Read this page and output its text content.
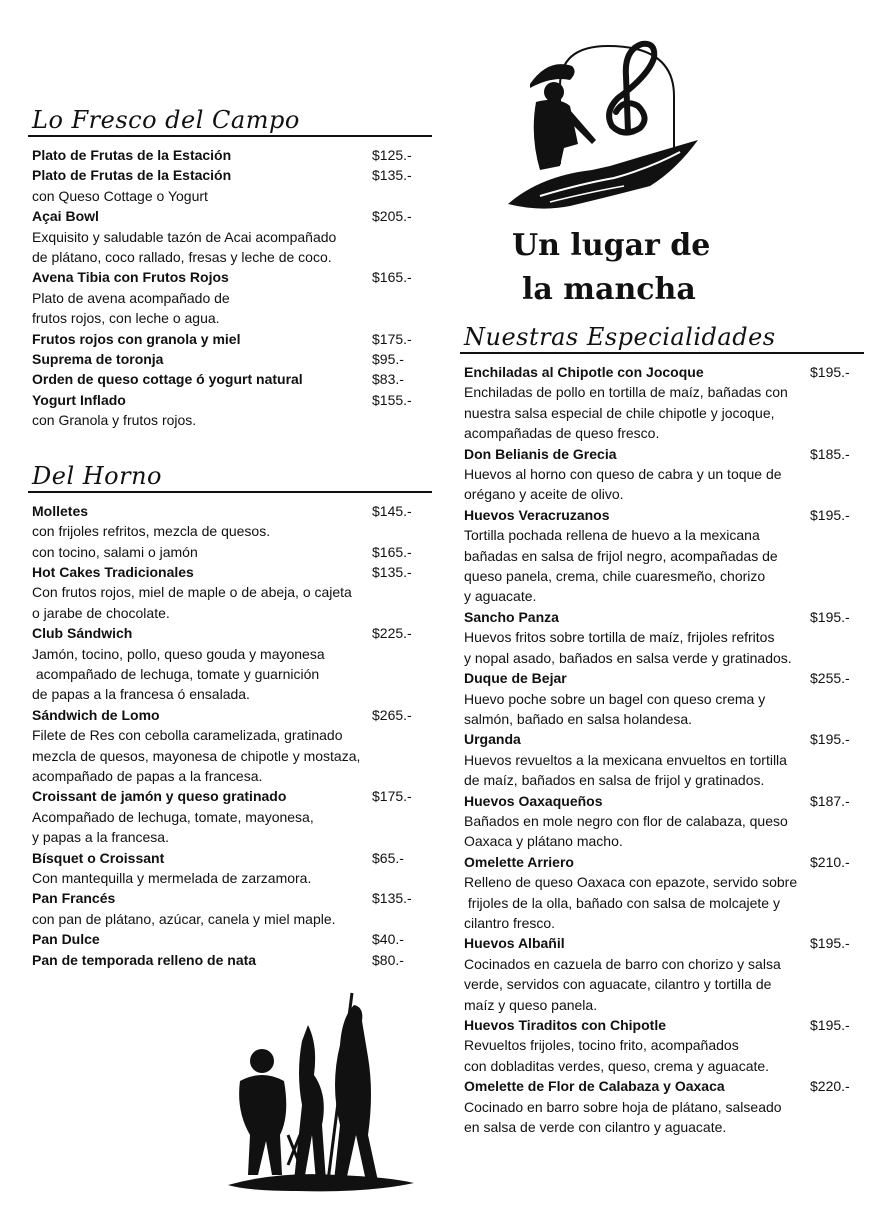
Un lugar de
la mancha
Lo Fresco del Campo
Plato de Frutas de la Estación	$125.-
Plato de Frutas de la Estación	$135.-
con Queso Cottage o Yogurt
Açai Bowl	$205.-
Exquisito y saludable tazón de Acai acompañado
de plátano, coco rallado, fresas y leche de coco.
Avena Tibia con Frutos Rojos	$165.-
Plato de avena acompañado de
frutos rojos, con leche o agua.
Frutos rojos con granola y miel	$175.-
Suprema de toronja	$95.-
Orden de queso cottage ó yogurt natural	$83.-
Yogurt Inflado	$155.-
con Granola y frutos rojos.
Del Horno
Molletes	$145.-
con frijoles refritos, mezcla de quesos.
con tocino, salami o jamón	$165.-
Hot Cakes Tradicionales	$135.-
Con frutos rojos, miel de maple o de abeja, o cajeta
o jarabe de chocolate.
Club Sándwich	$225.-
Jamón, tocino, pollo, queso gouda y mayonesa
acompañado de lechuga, tomate y guarnición
de papas a la francesa ó ensalada.
Sándwich de Lomo	$265.-
Filete de Res con cebolla caramelizada, gratinado
mezcla de quesos, mayonesa de chipotle y mostaza,
acompañado de papas a la francesa.
Croissant de jamón y queso gratinado	$175.-
Acompañado de lechuga, tomate, mayonesa,
y papas a la francesa.
Bísquet o Croissant	$65.-
Con mantequilla y mermelada de zarzamora.
Pan Francés	$135.-
con pan de plátano, azúcar, canela y miel maple.
Pan Dulce	$40.-
Pan de temporada relleno de nata	$80.-
Nuestras Especialidades
Enchiladas al Chipotle con Jocoque	$195.-
Enchiladas de pollo en tortilla de maíz, bañadas con
nuestra salsa especial de chile chipotle y jocoque,
acompañadas de queso fresco.
Don Belianis de Grecia	$185.-
Huevos al horno con queso de cabra y un toque de
orégano y aceite de olivo.
Huevos Veracruzanos	$195.-
Tortilla pochada rellena de huevo a la mexicana
bañadas en salsa de frijol negro, acompañadas de
queso panela, crema, chile cuaresmeño, chorizo
y aguacate.
Sancho Panza	$195.-
Huevos fritos sobre tortilla de maíz, frijoles refritos
y nopal asado, bañados en salsa verde y gratinados.
Duque de Bejar	$255.-
Huevo poche sobre un bagel con queso crema y
salmón, bañado en salsa holandesa.
Urganda	$195.-
Huevos revueltos a la mexicana envueltos en tortilla
de maíz, bañados en salsa de frijol y gratinados.
Huevos Oaxaqueños	$187.-
Bañados en mole negro con flor de calabaza, queso
Oaxaca y plátano macho.
Omelette Arriero	$210.-
Relleno de queso Oaxaca con epazote, servido sobre
frijoles de la olla, bañado con salsa de molcajete y
cilantro fresco.
Huevos Albañil	$195.-
Cocinados en cazuela de barro con chorizo y salsa
verde, servidos con aguacate, cilantro y tortilla de
maíz y queso panela.
Huevos Tiraditos con Chipotle	$195.-
Revueltos frijoles, tocino frito, acompañados
con dobladitas verdes, queso, crema y aguacate.
Omelette de Flor de Calabaza y Oaxaca	$220.-
Cocinado en barro sobre hoja de plátano, salseado
en salsa de verde con cilantro y aguacate.
